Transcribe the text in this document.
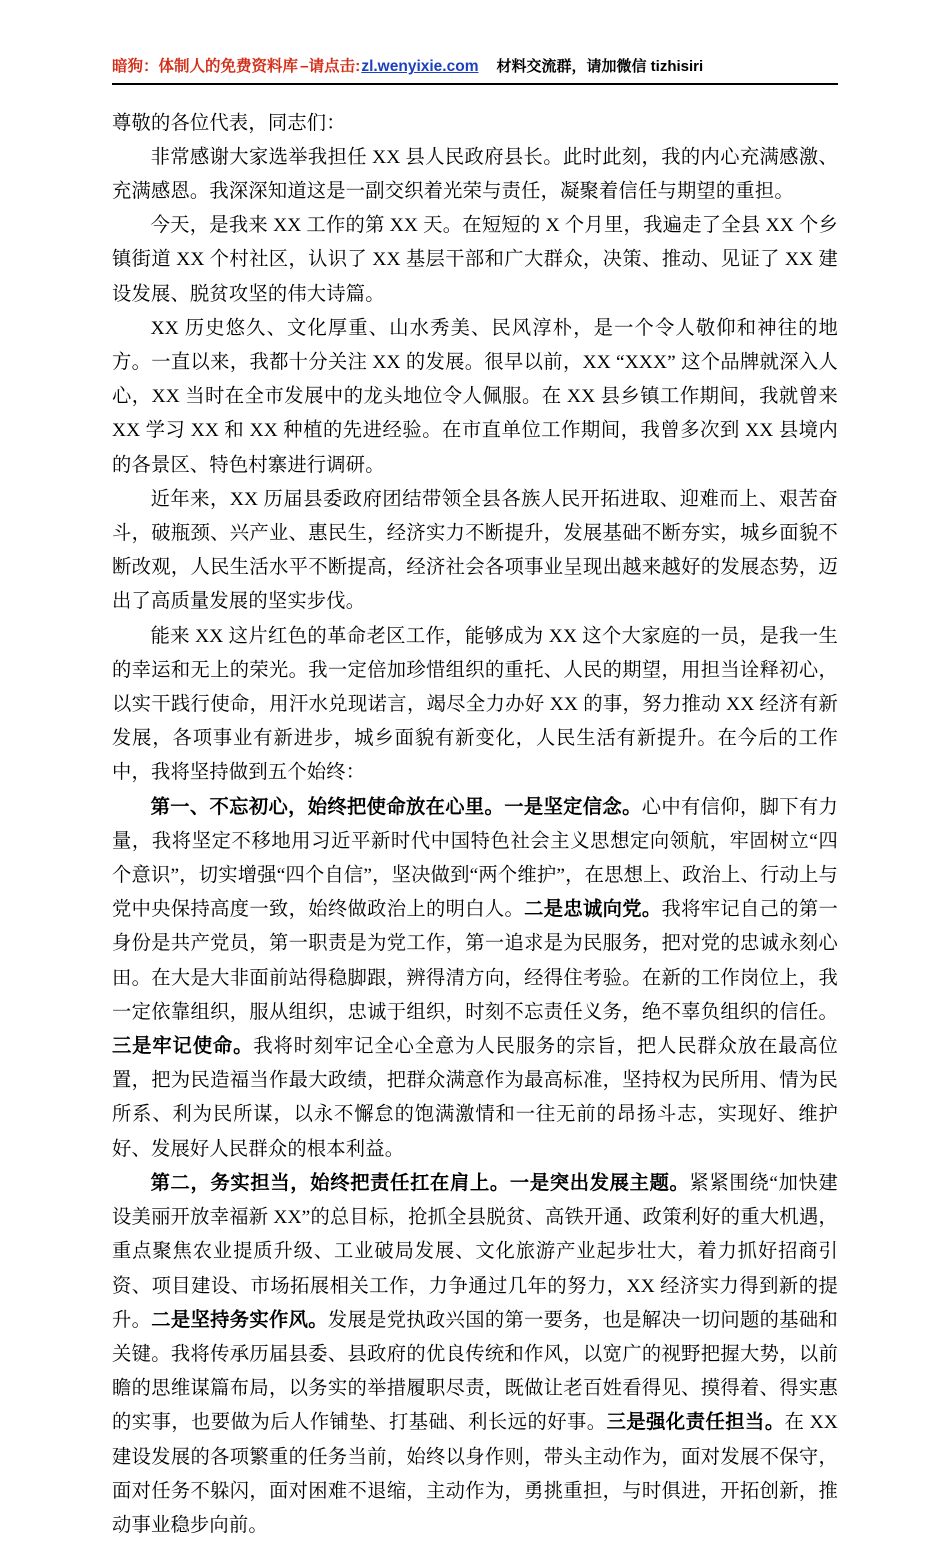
暗狗：体制人的免费资料库 –请点击: zl.wenyixie.com	材料交流群，请加微信 tizhisiri

尊敬的各位代表，同志们：

非常感谢大家选举我担任 XX 县人民政府县长。此时此刻，我的内心充满感激、充满感恩。我深深知道这是一副交织着光荣与责任，凝聚着信任与期望的重担。

今天，是我来 XX 工作的第 XX 天。在短短的 X 个月里，我遍走了全县 XX 个乡镇街道 XX 个村社区，认识了 XX 基层干部和广大群众，决策、推动、见证了 XX 建设发展、脱贫攻坚的伟大诗篇。

XX 历史悠久、文化厚重、山水秀美、民风淳朴，是一个令人敬仰和神往的地方。一直以来，我都十分关注 XX 的发展。很早以前，XX “XXX” 这个品牌就深入人心，XX 当时在全市发展中的龙头地位令人佩服。在 XX 县乡镇工作期间，我就曾来 XX 学习 XX 和 XX 种植的先进经验。在市直单位工作期间，我曾多次到 XX 县境内的各景区、特色村寨进行调研。

近年来，XX 历届县委政府团结带领全县各族人民开拓进取、迎难而上、艰苦奋斗，破瓶颈、兴产业、惠民生，经济实力不断提升，发展基础不断夯实，城乡面貌不断改观，人民生活水平不断提高，经济社会各项事业呈现出越来越好的发展态势，迈出了高质量发展的坚实步伐。

能来 XX 这片红色的革命老区工作，能够成为 XX 这个大家庭的一员，是我一生的幸运和无上的荣光。我一定倍加珍惜组织的重托、人民的期望，用担当诠释初心，以实干践行使命，用汗水兑现诺言，竭尽全力办好 XX 的事，努力推动 XX 经济有新发展，各项事业有新进步，城乡面貌有新变化，人民生活有新提升。在今后的工作中，我将坚持做到五个始终：

第一、不忘初心，始终把使命放在心里。一是坚定信念。心中有信仰，脚下有力量，我将坚定不移地用习近平新时代中国特色社会主义思想定向领航，牢固树立“四个意识”，切实增强“四个自信”，坚决做到“两个维护”，在思想上、政治上、行动上与党中央保持高度一致，始终做政治上的明白人。二是忠诚向党。我将牢记自己的第一身份是共产党员，第一职责是为党工作，第一追求是为民服务，把对党的忠诚永刻心田。在大是大非面前站得稳脚跟，辨得清方向，经得住考验。在新的工作岗位上，我一定依靠组织，服从组织，忠诚于组织，时刻不忘责任义务，绝不辜负组织的信任。三是牢记使命。我将时刻牢记全心全意为人民服务的宗旨，把人民群众放在最高位置，把为民造福当作最大政绩，把群众满意作为最高标准，坚持权为民所用、情为民所系、利为民所谋，以永不懈怠的饱满激情和一往无前的昂扬斗志，实现好、维护好、发展好人民群众的根本利益。

第二，务实担当，始终把责任扛在肩上。一是突出发展主题。紧紧围绕“加快建设美丽开放幸福新 XX”的总目标，抢抓全县脱贫、高铁开通、政策利好的重大机遇，重点聚焦农业提质升级、工业破局发展、文化旅游产业起步壮大，着力抓好招商引资、项目建设、市场拓展相关工作，力争通过几年的努力，XX 经济实力得到新的提升。二是坚持务实作风。发展是党执政兴国的第一要务，也是解决一切问题的基础和关键。我将传承历届县委、县政府的优良传统和作风，以宽广的视野把握大势，以前瞻的思维谋篇布局，以务实的举措履职尽责，既做让老百姓看得见、摸得着、得实惠的实事，也要做为后人作铺垫、打基础、利长远的好事。三是强化责任担当。在 XX 建设发展的各项繁重的任务当前，始终以身作则，带头主动作为，面对发展不保守，面对任务不躲闪，面对困难不退缩，主动作为，勇挑重担，与时俱进，开拓创新，推动事业稳步向前。
